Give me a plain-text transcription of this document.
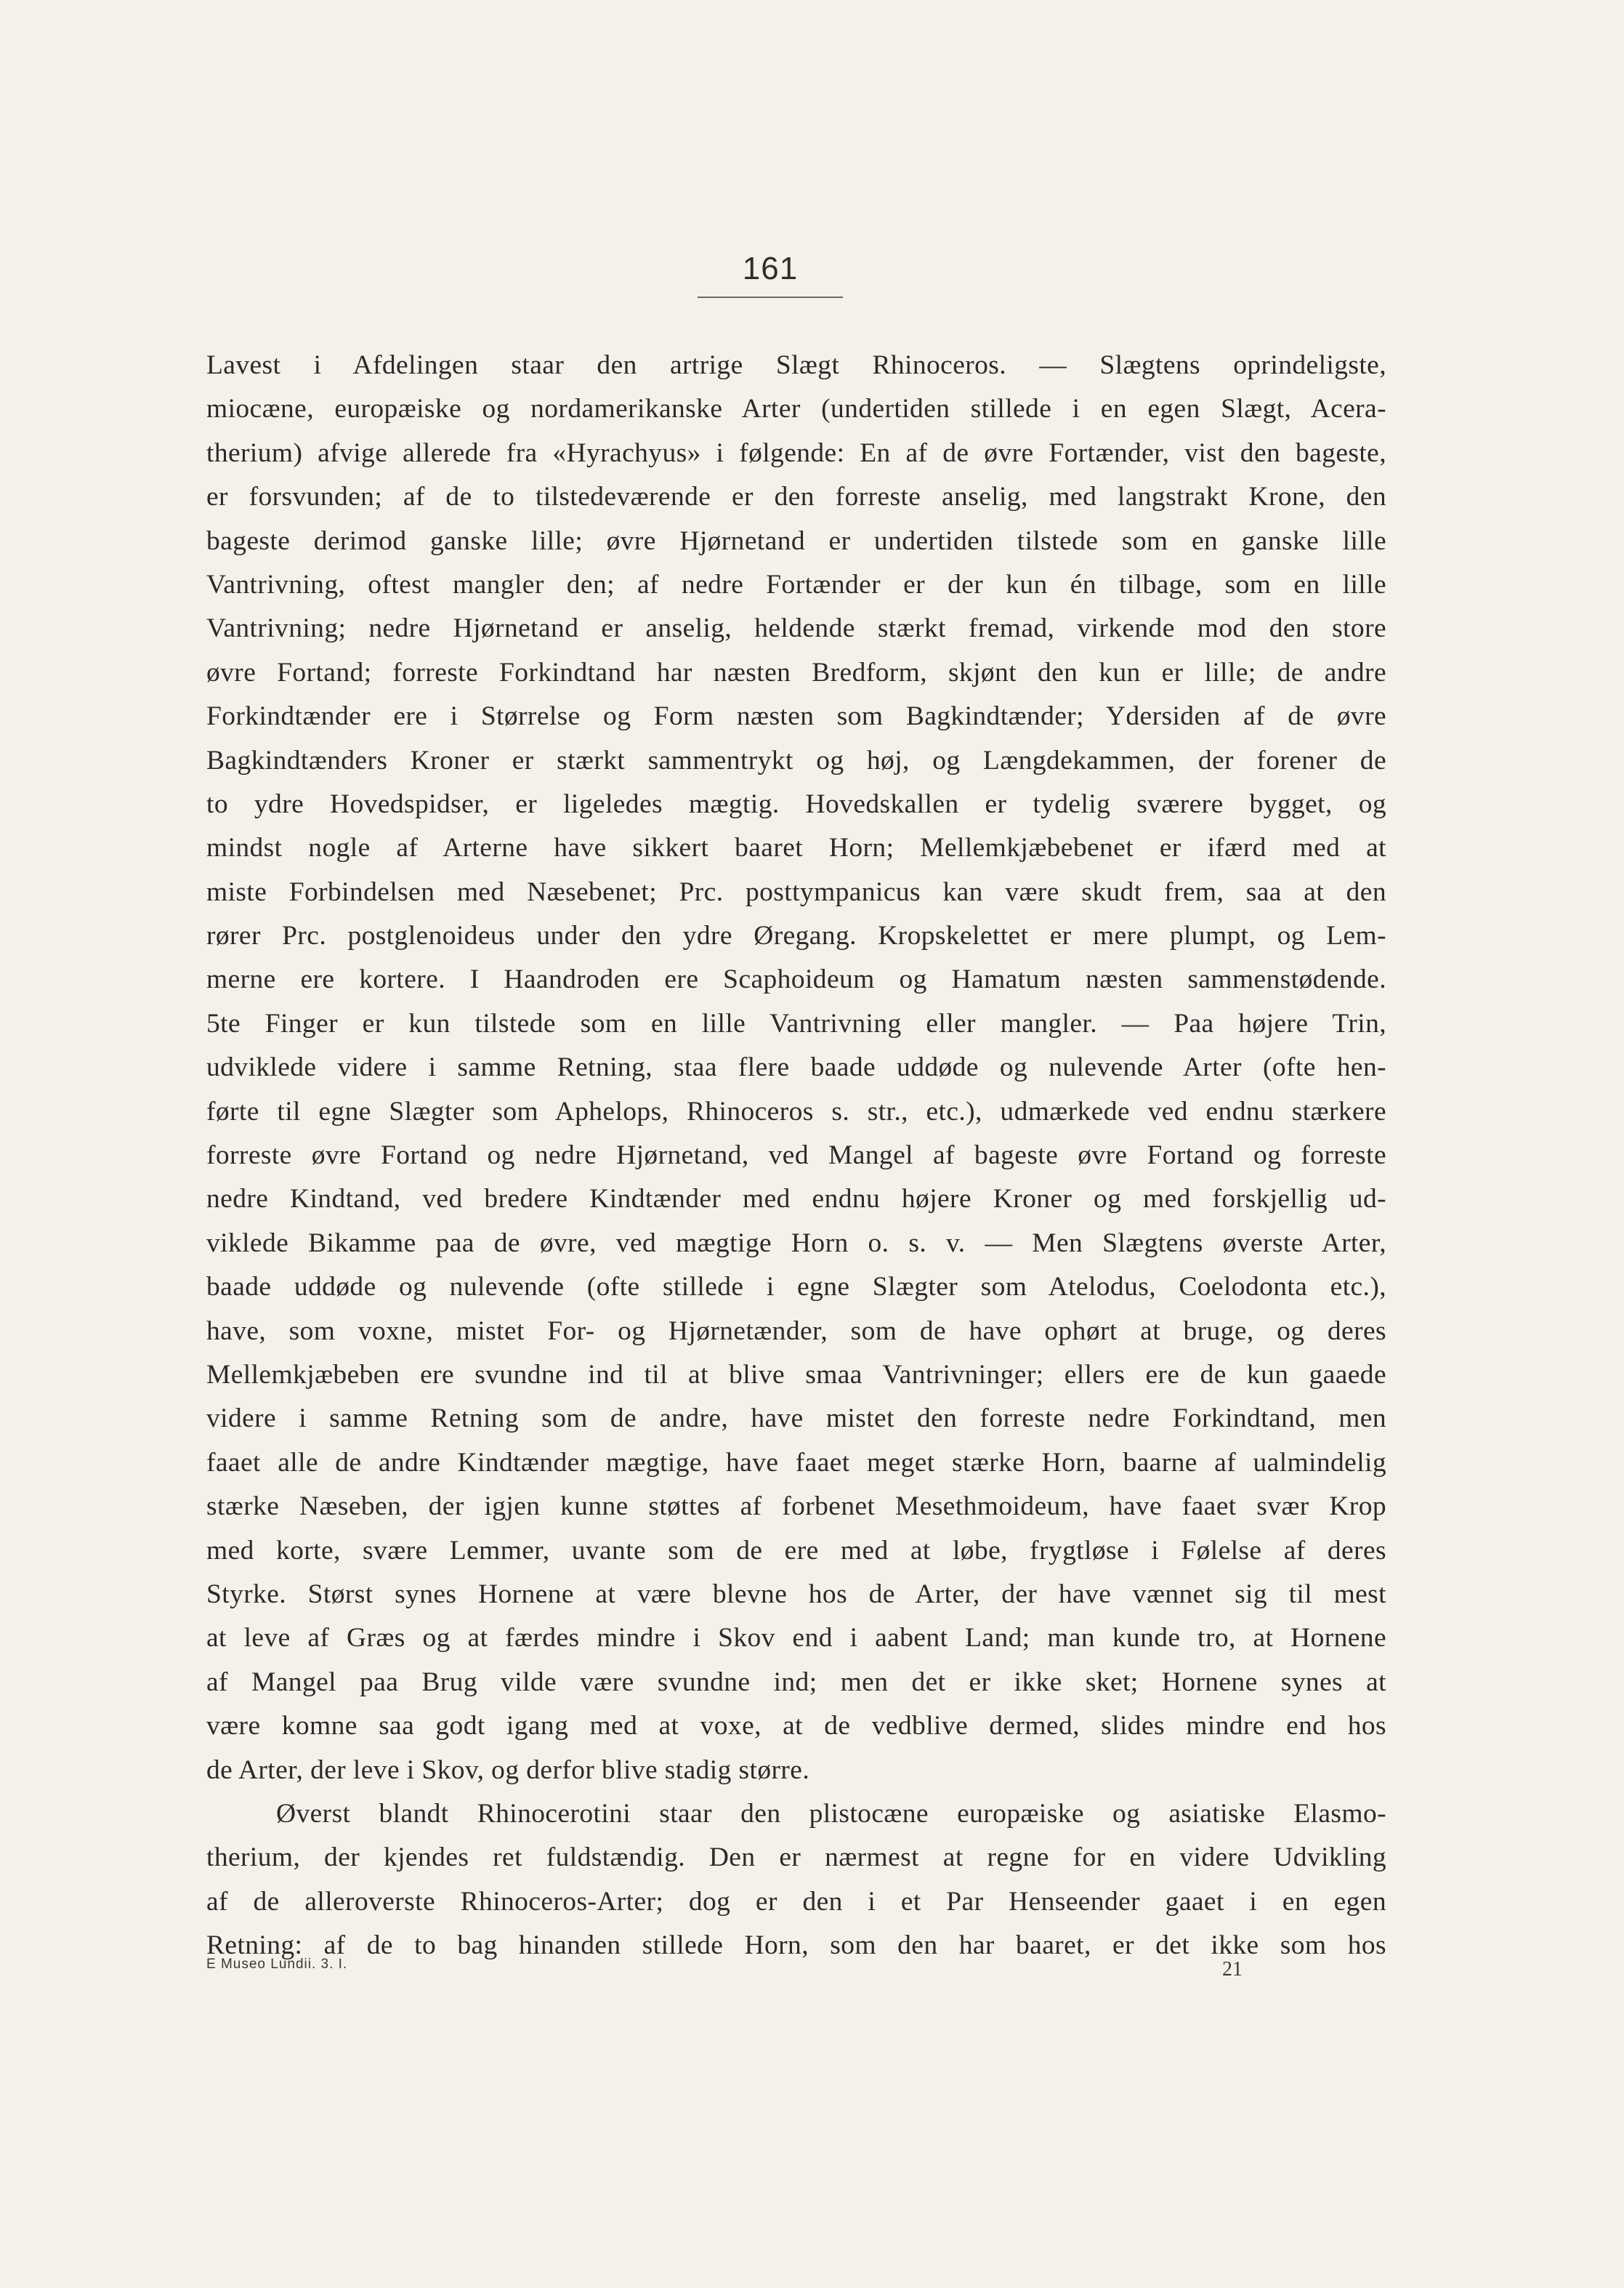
161
Lavest i Afdelingen staar den artrige Slægt Rhinoceros. — Slægtens oprindeligste,
miocæne, europæiske og nordamerikanske Arter (undertiden stillede i en egen Slægt, Acera-
therium) afvige allerede fra «Hyrachyus» i følgende: En af de øvre Fortænder, vist den bageste,
er forsvunden; af de to tilstedeværende er den forreste anselig, med langstrakt Krone, den
bageste derimod ganske lille; øvre Hjørnetand er undertiden tilstede som en ganske lille
Vantrivning, oftest mangler den; af nedre Fortænder er der kun én tilbage, som en lille
Vantrivning; nedre Hjørnetand er anselig, heldende stærkt fremad, virkende mod den store
øvre Fortand; forreste Forkindtand har næsten Bredform, skjønt den kun er lille; de andre
Forkindtænder ere i Størrelse og Form næsten som Bagkindtænder; Ydersiden af de øvre
Bagkindtænders Kroner er stærkt sammentrykt og høj, og Længdekammen, der forener de
to ydre Hovedspidser, er ligeledes mægtig. Hovedskallen er tydelig sværere bygget, og
mindst nogle af Arterne have sikkert baaret Horn; Mellemkjæbebenet er ifærd med at
miste Forbindelsen med Næsebenet; Prc. posttympanicus kan være skudt frem, saa at den
rører Prc. postglenoideus under den ydre Øregang. Kropskelettet er mere plumpt, og Lem-
merne ere kortere. I Haandroden ere Scaphoideum og Hamatum næsten sammenstødende.
5te Finger er kun tilstede som en lille Vantrivning eller mangler. — Paa højere Trin,
udviklede videre i samme Retning, staa flere baade uddøde og nulevende Arter (ofte hen-
førte til egne Slægter som Aphelops, Rhinoceros s. str., etc.), udmærkede ved endnu stærkere
forreste øvre Fortand og nedre Hjørnetand, ved Mangel af bageste øvre Fortand og forreste
nedre Kindtand, ved bredere Kindtænder med endnu højere Kroner og med forskjellig ud-
viklede Bikamme paa de øvre, ved mægtige Horn o. s. v. — Men Slægtens øverste Arter,
baade uddøde og nulevende (ofte stillede i egne Slægter som Atelodus, Coelodonta etc.),
have, som voxne, mistet For- og Hjørnetænder, som de have ophørt at bruge, og deres
Mellemkjæbeben ere svundne ind til at blive smaa Vantrivninger; ellers ere de kun gaaede
videre i samme Retning som de andre, have mistet den forreste nedre Forkindtand, men
faaet alle de andre Kindtænder mægtige, have faaet meget stærke Horn, baarne af ualmindelig
stærke Næseben, der igjen kunne støttes af forbenet Mesethmoideum, have faaet svær Krop
med korte, svære Lemmer, uvante som de ere med at løbe, frygtløse i Følelse af deres
Styrke. Størst synes Hornene at være blevne hos de Arter, der have vænnet sig til mest
at leve af Græs og at færdes mindre i Skov end i aabent Land; man kunde tro, at Hornene
af Mangel paa Brug vilde være svundne ind; men det er ikke sket; Hornene synes at
være komne saa godt igang med at voxe, at de vedblive dermed, slides mindre end hos
de Arter, der leve i Skov, og derfor blive stadig større.
Øverst blandt Rhinocerotini staar den plistocæne europæiske og asiatiske Elasmo-
therium, der kjendes ret fuldstændig. Den er nærmest at regne for en videre Udvikling
af de alleroverste Rhinoceros-Arter; dog er den i et Par Henseender gaaet i en egen
Retning: af de to bag hinanden stillede Horn, som den har baaret, er det ikke som hos
E Museo Lundii. 3. I.	21
